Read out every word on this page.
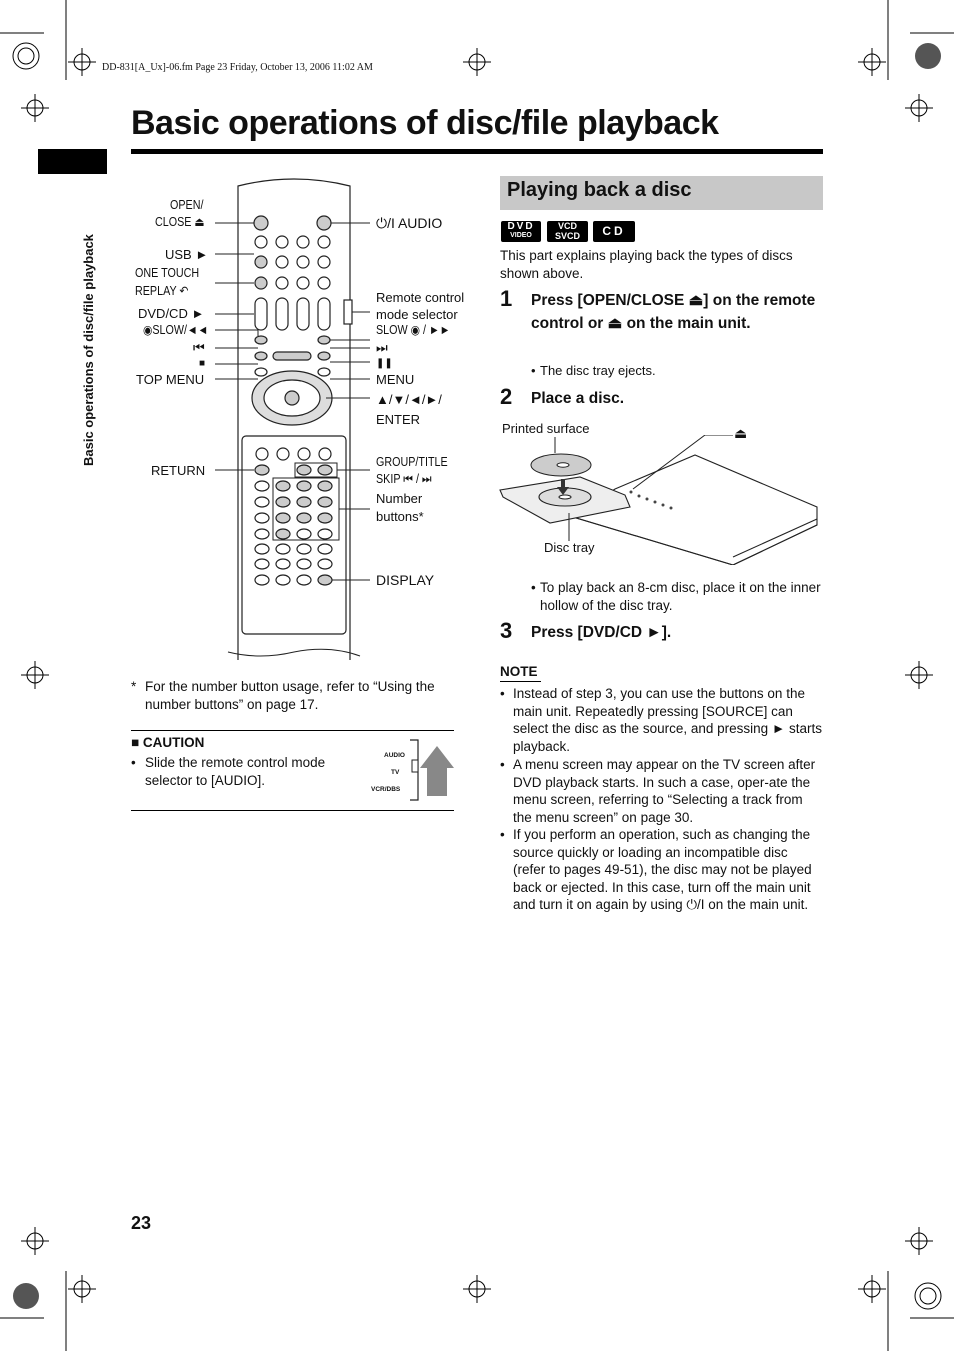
DD-831[A_Ux]-06.fm Page 23 Friday, October 13, 2006 11:02 AM
Basic operations of disc/file playback
Basic operations of disc/file playback
OPEN/
CLOSE ⏏
USB ►
ONE TOUCH
REPLAY ↶
DVD/CD ►
◉SLOW/◄◄
⏮
■
TOP MENU
RETURN
⏻/I AUDIO
Remote control
mode selector
SLOW ◉ / ►►
⏭
❚❚
MENU
▲/▼/◄/►/
ENTER
GROUP/TITLE
SKIP ⏮ / ⏭
Number
buttons*
DISPLAY
* For the number button usage, refer to “Using the number buttons” on page 17.
■ CAUTION
• Slide the remote control mode selector to [AUDIO].
AUDIO
TV
VCR/DBS
Playing back a disc
DVD
VIDEO
VCD
SVCD	CD
This part explains playing back the types of discs shown above.
1 Press [OPEN/CLOSE ⏏] on the remote control or ⏏ on the main unit.
• The disc tray ejects.
2 Place a disc.
Printed surface	⏏
Disc tray
• To play back an 8-cm disc, place it on the inner hollow of the disc tray.
3 Press [DVD/CD ►].
NOTE
• Instead of step 3, you can use the buttons on the main unit. Repeatedly pressing [SOURCE] can select the disc as the source, and pressing ► starts playback.
• A menu screen may appear on the TV screen after DVD playback starts. In such a case, oper-ate the menu screen, referring to “Selecting a track from the menu screen” on page 30.
• If you perform an operation, such as changing the source quickly or loading an incompatible disc (refer to pages 49-51), the disc may not be played back or ejected. In this case, turn off the main unit and turn it on again by using ⏻/I on the main unit.
23
